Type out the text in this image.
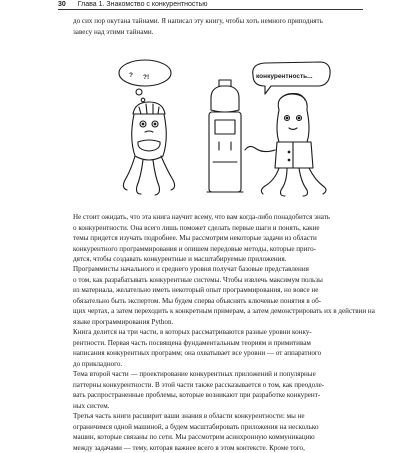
30 Глава 1. Знакомство с конкурентностью

до сих пор окутана тайнами. Я написал эту книгу, чтобы хоть немного приподнять
завесу над этими тайнами.

? ?!	конкурентность...

Не стоит ожидать, что эта книга научит всему, что вам когда-либо понадобится знать
о конкурентности. Она всего лишь поможет сделать первые шаги и понять, какие
темы придется изучать подробнее. Мы рассмотрим некоторые задачи из области
конкурентного программирования и опишем передовые методы, которые приго-
дятся, чтобы создавать конкурентные и масштабируемые приложения.

Программисты начального и среднего уровня получат базовые представления
о том, как разрабатывать конкурентные системы. Чтобы извлечь максимум пользы
из материала, желательно иметь некоторый опыт программирования, но вовсе не
обязательно быть экспертом. Мы будем сперва объяснять ключевые понятия в об-
щих чертах, а затем переходить к конкретным примерам, а затем демонстрировать их в действии на
языке программирования Python.

Книга делится на три части, в которых рассматриваются разные уровни конку-
рентности. Первая часть посвящена фундаментальным теориям и примитивам
написания конкурентных программ; она охватывает все уровни — от аппаратного
до прикладного.

Тема второй части — проектирование конкурентных приложений и популярные
паттерны конкурентности. В этой части также рассказывается о том, как преодоле-
вать распространенные проблемы, которые возникают при разработке конкурент-
ных систем.

Третья часть книги расширит ваши знания в области конкурентности: мы не
ограничимся одной машиной, а будем масштабировать приложения на несколько
машин, которые связаны по сети. Мы рассмотрим асинхронную коммуникацию
между задачами — тему, которая важнее всего в этом контексте. Кроме того,
